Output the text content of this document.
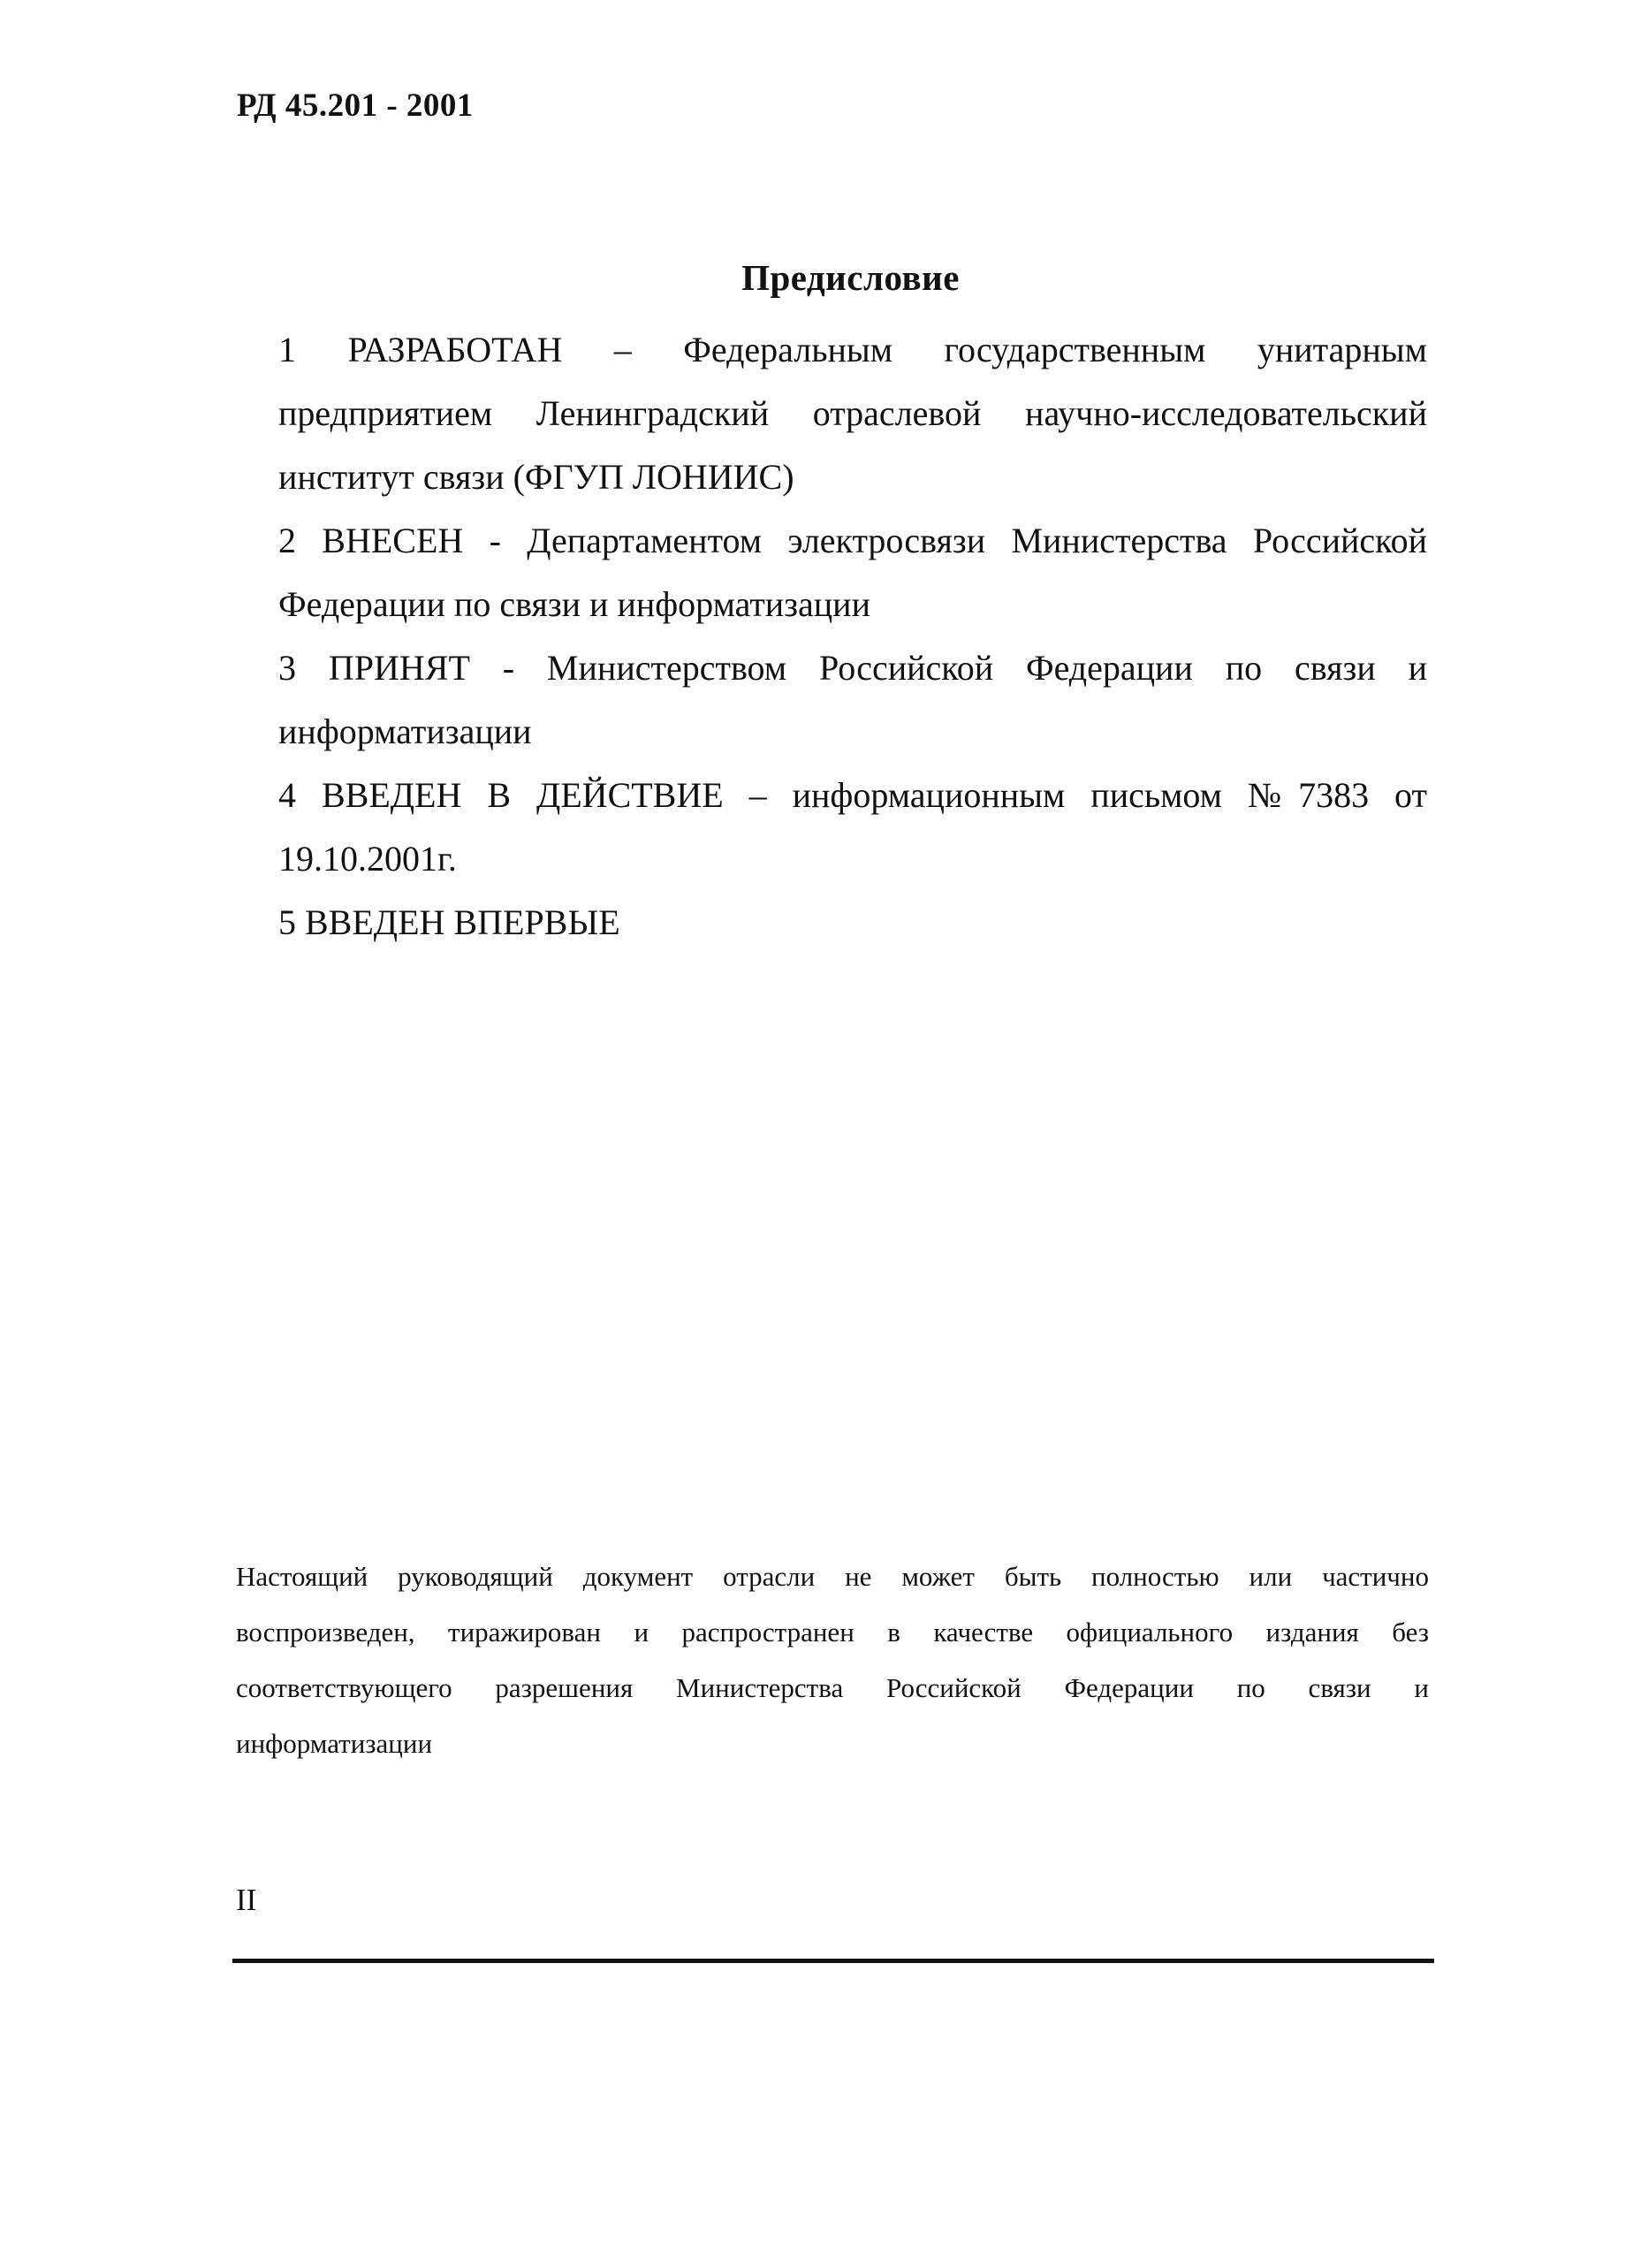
РД 45.201 - 2001
Предисловие
1 РАЗРАБОТАН – Федеральным государственным унитарным
предприятием Ленинградский отраслевой научно-исследовательский
институт связи (ФГУП ЛОНИИС)
2 ВНЕСЕН - Департаментом электросвязи Министерства Российской
Федерации по связи и информатизации
3 ПРИНЯТ - Министерством Российской Федерации по связи и
информатизации
4 ВВЕДЕН В ДЕЙСТВИЕ – информационным письмом №7383 от
19.10.2001г.
5 ВВЕДЕН ВПЕРВЫЕ
Настоящий руководящий документ отрасли не может быть полностью или частично
воспроизведен, тиражирован и распространен в качестве официального издания без
соответствующего разрешения Министерства Российской Федерации по связи и
информатизации
II
